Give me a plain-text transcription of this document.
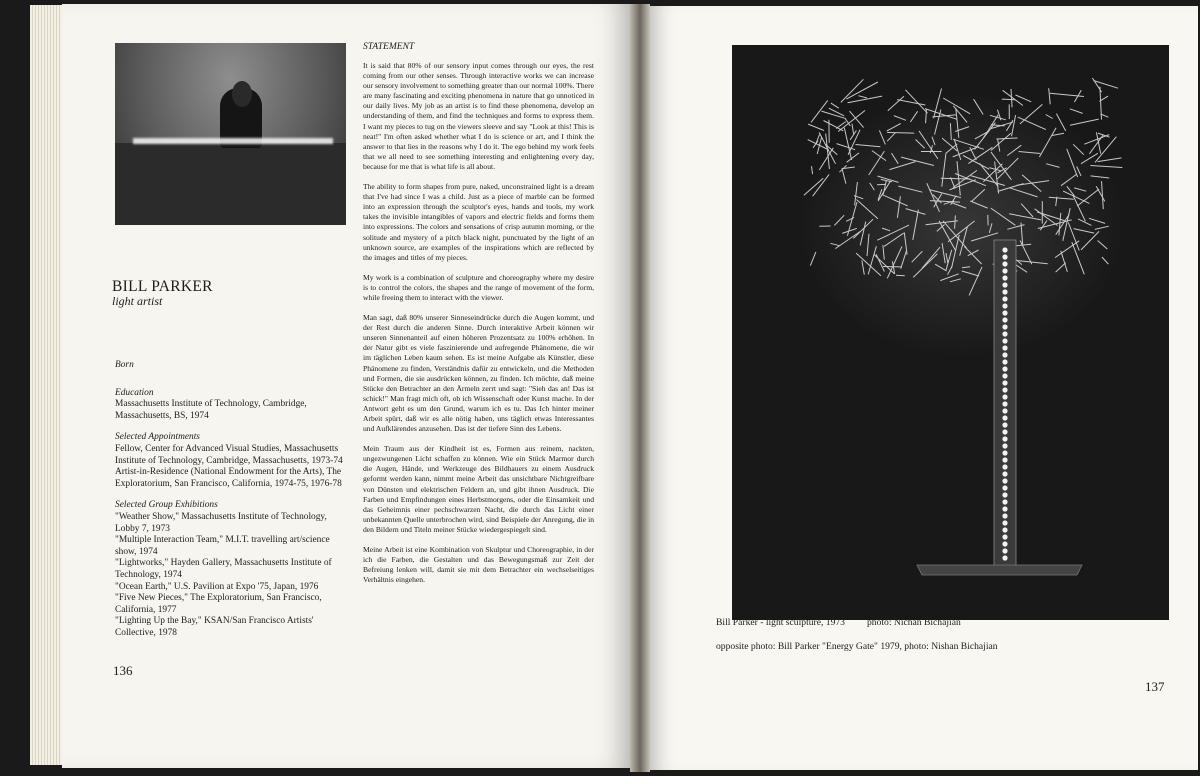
BILL PARKER
light artist
Born
Education
Massachusetts Institute of Technology, Cambridge, Massachusetts, BS, 1974
Selected Appointments
Fellow, Center for Advanced Visual Studies, Massachusetts Institute of Technology, Cambridge, Massachusetts, 1973-74
Artist-in-Residence (National Endowment for the Arts), The Exploratorium, San Francisco, California, 1974-75, 1976-78
Selected Group Exhibitions
"Weather Show," Massachusetts Institute of Technology, Lobby 7, 1973
"Multiple Interaction Team," M.I.T. travelling art/science show, 1974
"Lightworks," Hayden Gallery, Massachusetts Institute of Technology, 1974
"Ocean Earth," U.S. Pavilion at Expo '75, Japan, 1976
"Five New Pieces," The Exploratorium, San Francisco, California, 1977
"Lighting Up the Bay," KSAN/San Francisco Artists' Collective, 1978
136
STATEMENT

It is said that 80% of our sensory input comes through our eyes, the rest coming from our other senses. Through interactive works we can increase our sensory involvement to something greater than our normal 100%. There are many fascinating and exciting phenomena in nature that go unnoticed in our daily lives. My job as an artist is to find these phenomena, develop an understanding of them, and find the techniques and forms to express them. I want my pieces to tug on the viewers sleeve and say "Look at this! This is neat!" I'm often asked whether what I do is science or art, and I think the answer to that lies in the reasons why I do it. The ego behind my work feels that we all need to see something interesting and enlightening every day, because for me that is what life is all about.

The ability to form shapes from pure, naked, unconstrained light is a dream that I've had since I was a child. Just as a piece of marble can be formed into an expression through the sculptor's eyes, hands and tools, my work takes the invisible intangibles of vapors and electric fields and forms them into expressions. The colors and sensations of crisp autumn morning, or the solitude and mystery of a pitch black night, punctuated by the light of an unknown source, are examples of the inspirations which are reflected by the images and titles of my pieces.

My work is a combination of sculpture and choreography where my desire is to control the colors, the shapes and the range of movement of the form, while freeing them to interact with the viewer.

Man sagt, daß 80% unserer Sinneseindrücke durch die Augen kommt, und der Rest durch die anderen Sinne. Durch interaktive Arbeit können wir unseren Sinnenanteil auf einen höheren Prozentsatz zu 100% erhöhen. In der Natur gibt es viele faszinierende und aufregende Phänomene, die wir im täglichen Leben kaum sehen. Es ist meine Aufgabe als Künstler, diese Phänomene zu finden, Verständnis dafür zu entwickeln, und die Methoden und Formen, die sie ausdrücken können, zu finden. Ich möchte, daß meine Stücke den Betrachter an den Ärmeln zerrt und sagt: "Sieh das an! Das ist schick!" Man fragt mich oft, ob ich Wissenschaft oder Kunst mache. In der Antwort geht es um den Grund, warum ich es tu. Das Ich hinter meiner Arbeit spürt, daß wir es alle nötig haben, uns täglich etwas Interessantes und Aufklärendes anzusehen. Das ist der tiefere Sinn des Lebens.

Mein Traum aus der Kindheit ist es, Formen aus reinem, nackten, ungezwungenen Licht schaffen zu können. Wie ein Stück Marmor durch die Augen, Hände, und Werkzeuge des Bildhauers zu einem Ausdruck geformt werden kann, nimmt meine Arbeit das unsichtbare Nichtgreifbare von Dünsten und elektrischen Feldern an, und gibt ihnen Ausdruck. Die Farben und Empfindungen eines Herbstmorgens, oder die Einsamkeit und das Geheimnis einer pechschwarzen Nacht, die durch das Licht einer unbekannten Quelle unterbrochen wird, sind Beispiele der Anregung, die in den Bildern und Titeln meiner Stücke wiedergespiegelt sind.

Meine Arbeit ist eine Kombination von Skulptur und Choreographie, in der ich die Farben, die Gestalten und das Bewegungsmaß zur Zeit der Befreiung lenken will, damit sie mit dem Betrachter ein wechselseitiges Verhältnis eingehen.

Bill Parker - light sculpture, 1973 photo: Nichan Bichajian
opposite photo: Bill Parker "Energy Gate" 1979, photo: Nishan Bichajian
137
